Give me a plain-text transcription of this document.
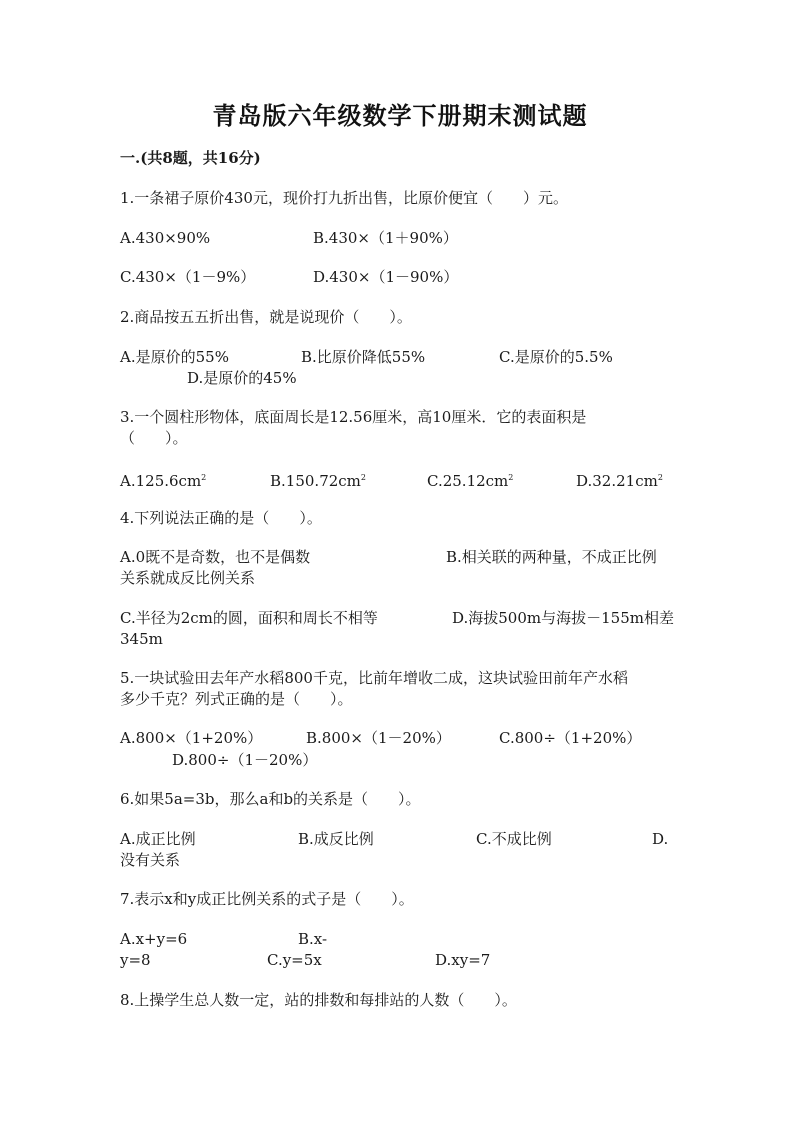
青岛版六年级数学下册期末测试题
一.(共8题，共16分)
1.一条裙子原价430元，现价打九折出售，比原价便宜（　　）元。
A.430×90%	B.430×（1＋90%）
C.430×（1－9%）	D.430×（1－90%）
2.商品按五五折出售，就是说现价（　　）。
A.是原价的55%	B.比原价降低55%	C.是原价的5.5%
D.是原价的45%
3.一个圆柱形物体，底面周长是12.56厘米，高10厘米．它的表面积是
（　　）。
$A.125.6cm^2$	$B.150.72cm^2$	$C.25.12cm^2$	$D.32.21cm^2$
4.下列说法正确的是（　　）。
A.0既不是奇数，也不是偶数	B.相关联的两种量，不成正比例
关系就成反比例关系
C.半径为2cm的圆，面积和周长不相等	D.海拔500m与海拔－155m相差
345m
5.一块试验田去年产水稻800千克，比前年增收二成，这块试验田前年产水稻
多少千克？列式正确的是（　　）。
A.800×（1+20%）	B.800×（1－20%）	C.800÷（1+20%）
D.800÷（1－20%）
6.如果5a=3b，那么a和b的关系是（　　）。
A.成正比例	B.成反比例	C.不成比例	D.
没有关系
7.表示x和y成正比例关系的式子是（　　）。
A.x+y=6	B.x-
y=8	C.y=5x	D.xy=7
8.上操学生总人数一定，站的排数和每排站的人数（　　）。
